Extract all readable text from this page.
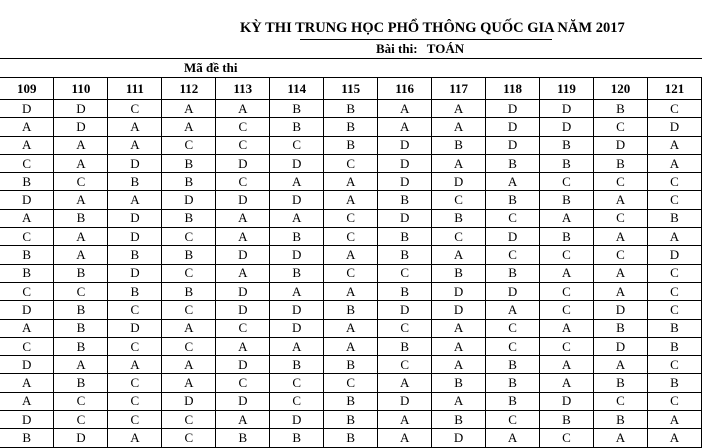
KỲ THI TRUNG HỌC PHỔ THÔNG QUỐC GIA NĂM 2017
Bài thi: TOÁN
Mã đề thi
109	110	111	112	113	114	115	116	117	118	119	120	121
D	D	C	A	A	B	B	A	A	D	D	B	C
A	D	A	A	C	B	B	A	A	D	D	C	D
A	A	A	C	C	C	B	D	B	D	B	D	A
C	A	D	B	D	D	C	D	A	B	B	B	A
B	C	B	B	C	A	A	D	D	A	C	C	C
D	A	A	D	D	D	A	B	C	B	B	A	C
A	B	D	B	A	A	C	D	B	C	A	C	B
C	A	D	C	A	B	C	B	C	D	B	A	A
B	A	B	B	D	D	A	B	A	C	C	C	D
B	B	D	C	A	B	C	C	B	B	A	A	C
C	C	B	B	D	A	A	B	D	D	C	A	C
D	B	C	C	D	D	B	D	D	A	C	D	C
A	B	D	A	C	D	A	C	A	C	A	B	B
C	B	C	C	A	A	A	B	A	C	C	D	B
D	A	A	A	D	B	B	C	A	B	A	A	C
A	B	C	A	C	C	C	A	B	B	A	B	B
A	C	C	D	D	C	B	D	A	B	D	C	C
D	C	C	C	A	D	B	A	B	C	B	B	A
B	D	A	C	B	B	B	A	D	A	C	A	A
